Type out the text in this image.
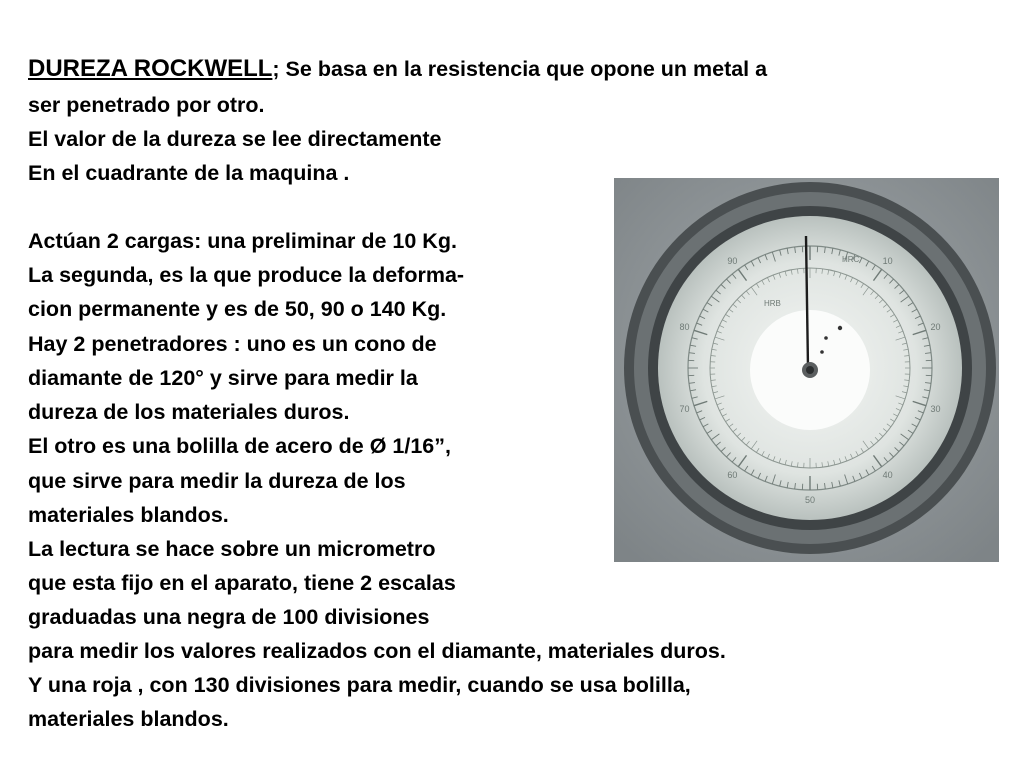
DUREZA ROCKWELL; Se basa en la resistencia que opone un metal a

ser penetrado por otro.

El valor de la dureza se lee directamente

En el cuadrante de la maquina .

Actúan 2 cargas: una preliminar de 10 Kg.

La segunda, es la que produce la deforma-

cion permanente y es de 50, 90 o 140 Kg.

Hay 2 penetradores : uno es un cono de

diamante de 120° y sirve para medir la

dureza de los materiales duros.

El otro es una bolilla de acero de Ø 1/16”,

que sirve para medir la dureza de los

materiales blandos.

La lectura se hace sobre un micrometro

que esta fijo en el aparato, tiene 2 escalas

graduadas una negra de 100 divisiones

para medir los valores realizados con el diamante, materiales duros.

Y una roja , con 130 divisiones para medir, cuando se usa bolilla,

materiales blandos.

10
20
30
40
50
60
70
80
90	HRC
HRB
